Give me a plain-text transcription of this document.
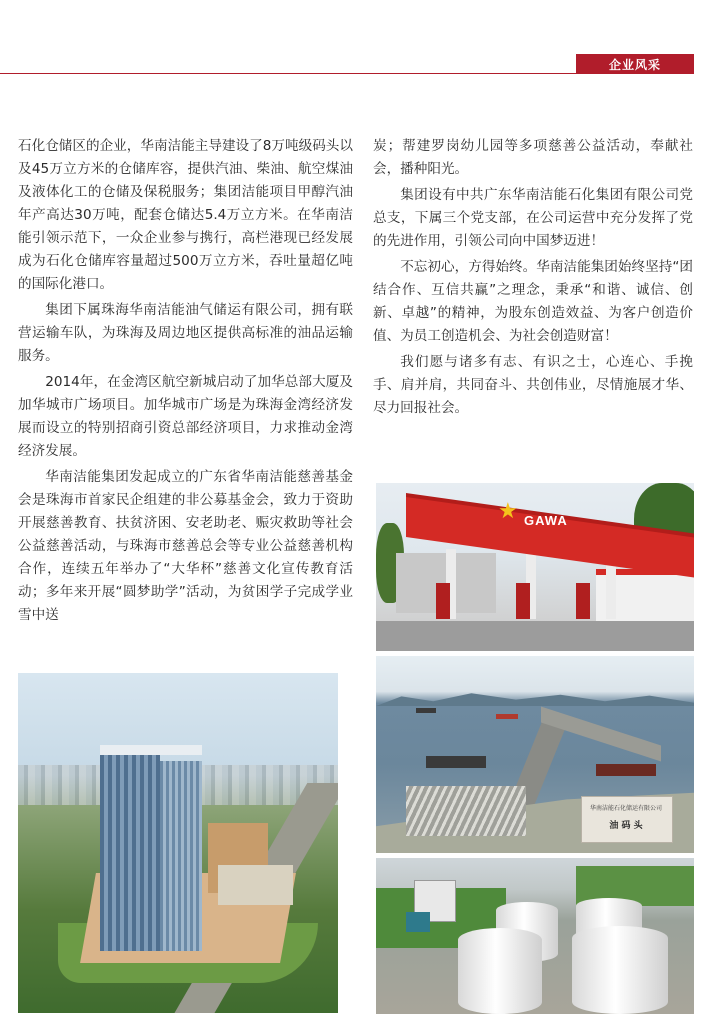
企业风采

石化仓储区的企业，华南洁能主导建设了8万吨级码头以及45万立方米的仓储库容，提供汽油、柴油、航空煤油及液体化工的仓储及保税服务；集团洁能项目甲醇汽油年产高达30万吨，配套仓储达5.4万立方米。在华南洁能引领示范下，一众企业参与携行，高栏港现已经发展成为石化仓储库容量超过500万立方米，吞吐量超亿吨的国际化港口。

集团下属珠海华南洁能油气储运有限公司，拥有联营运输车队，为珠海及周边地区提供高标准的油品运输服务。

2014年，在金湾区航空新城启动了加华总部大厦及加华城市广场项目。加华城市广场是为珠海金湾经济发展而设立的特别招商引资总部经济项目，力求推动金湾经济发展。

华南洁能集团发起成立的广东省华南洁能慈善基金会是珠海市首家民企组建的非公募基金会，致力于资助开展慈善教育、扶贫济困、安老助老、赈灾救助等社会公益慈善活动，与珠海市慈善总会等专业公益慈善机构合作，连续五年举办了“大华杯”慈善文化宣传教育活动；多年来开展“圆梦助学”活动，为贫困学子完成学业雪中送

炭；帮建罗岗幼儿园等多项慈善公益活动，奉献社会，播种阳光。

集团设有中共广东华南洁能石化集团有限公司党总支，下属三个党支部，在公司运营中充分发挥了党的先进作用，引领公司向中国梦迈进！

不忘初心，方得始终。华南洁能集团始终坚持“团结合作、互信共赢”之理念，秉承“和谐、诚信、创新、卓越”的精神，为股东创造效益、为客户创造价值、为员工创造机会、为社会创造财富！

我们愿与诸多有志、有识之士，心连心、手挽手、肩并肩，共同奋斗、共创伟业，尽情施展才华、尽力回报社会。

★ GAWA
华南洁能石化储运有限公司
油 码 头
